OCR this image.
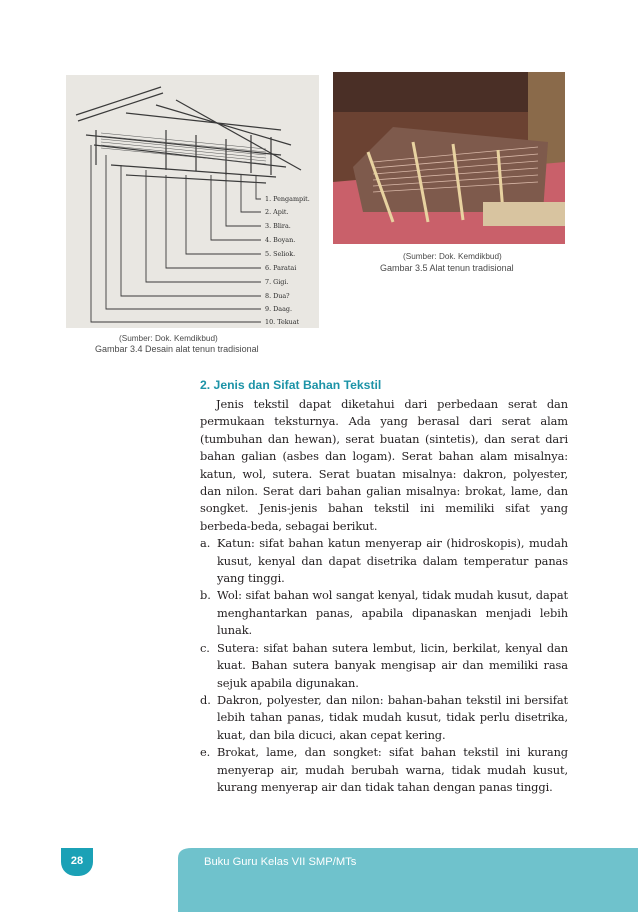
1. Pengampit.
2. Apit.
3. Blira.
4. Boyan.
5. Seliok.
6. Paratai
7. Gigi.
8. Dua?
9. Daag.
10. Tekuat
(Sumber: Dok. Kemdikbud)
Gambar 3.4 Desain alat tenun tradisional
(Sumber: Dok. Kemdikbud)
Gambar 3.5 Alat tenun tradisional
2. Jenis dan Sifat Bahan Tekstil

Jenis tekstil dapat diketahui dari perbedaan serat dan permukaan teksturnya. Ada yang berasal dari serat alam (tumbuhan dan hewan), serat buatan (sintetis), dan serat dari bahan galian (asbes dan logam). Serat bahan alam misalnya: katun, wol, sutera. Serat buatan misalnya: dakron, polyester, dan nilon. Serat dari bahan galian misalnya: brokat, lame, dan songket. Jenis-jenis bahan tekstil ini memiliki sifat yang berbeda-beda, sebagai berikut.

a. Katun: sifat bahan katun menyerap air (hidroskopis), mudah kusut, kenyal dan dapat disetrika dalam temperatur panas yang tinggi.
b. Wol: sifat bahan wol sangat kenyal, tidak mudah kusut, dapat menghantarkan panas, apabila dipanaskan menjadi lebih lunak.
c. Sutera: sifat bahan sutera lembut, licin, berkilat, kenyal dan kuat. Bahan sutera banyak mengisap air dan memiliki rasa sejuk apabila digunakan.
d. Dakron, polyester, dan nilon: bahan-bahan tekstil ini bersifat lebih tahan panas, tidak mudah kusut, tidak perlu disetrika, kuat, dan bila dicuci, akan cepat kering.
e. Brokat, lame, dan songket: sifat bahan tekstil ini kurang menyerap air, mudah berubah warna, tidak mudah kusut, kurang menyerap air dan tidak tahan dengan panas tinggi.
28	Buku Guru Kelas VII SMP/MTs
